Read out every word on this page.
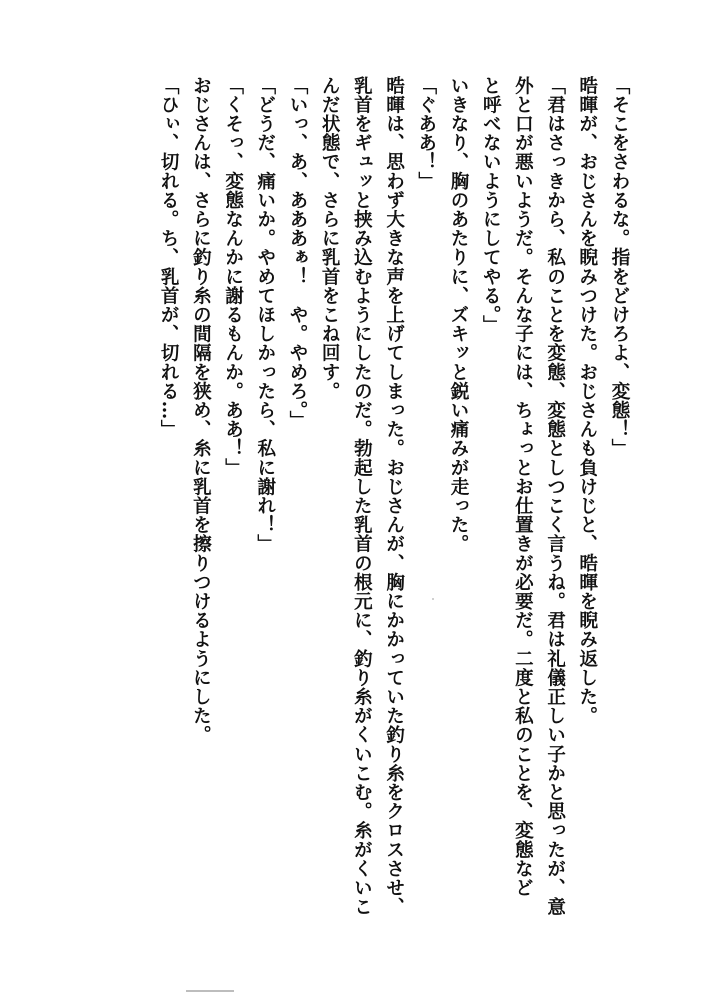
「そこをさわるな。指をどけろよ、変態！」
晧暉が、おじさんを睨みつけた。おじさんも負けじと、晧暉を睨み返した。
「君はさっきから、私のことを変態、変態としつこく言うね。君は礼儀正しい子かと思ったが、意
外と口が悪いようだ。そんな子には、ちょっとお仕置きが必要だ。二度と私のことを、変態など
と呼べないようにしてやる。」
いきなり、胸のあたりに、ズキッと鋭い痛みが走った。
「ぐああ！」
晧暉は、思わず大きな声を上げてしまった。おじさんが、胸にかかっていた釣り糸をクロスさせ、
乳首をギュッと挟み込むようにしたのだ。勃起した乳首の根元に、釣り糸がくいこむ。糸がくいこ
んだ状態で、さらに乳首をこね回す。
「いっ、あ、あああぁ！　や。やめろ。」
「どうだ、痛いか。やめてほしかったら、私に謝れ！」
「くそっ、変態なんかに謝るもんか。ああ！」
おじさんは、さらに釣り糸の間隔を狭め、糸に乳首を擦りつけるようにした。
「ひぃ、切れる。ち、乳首が、切れる…」
